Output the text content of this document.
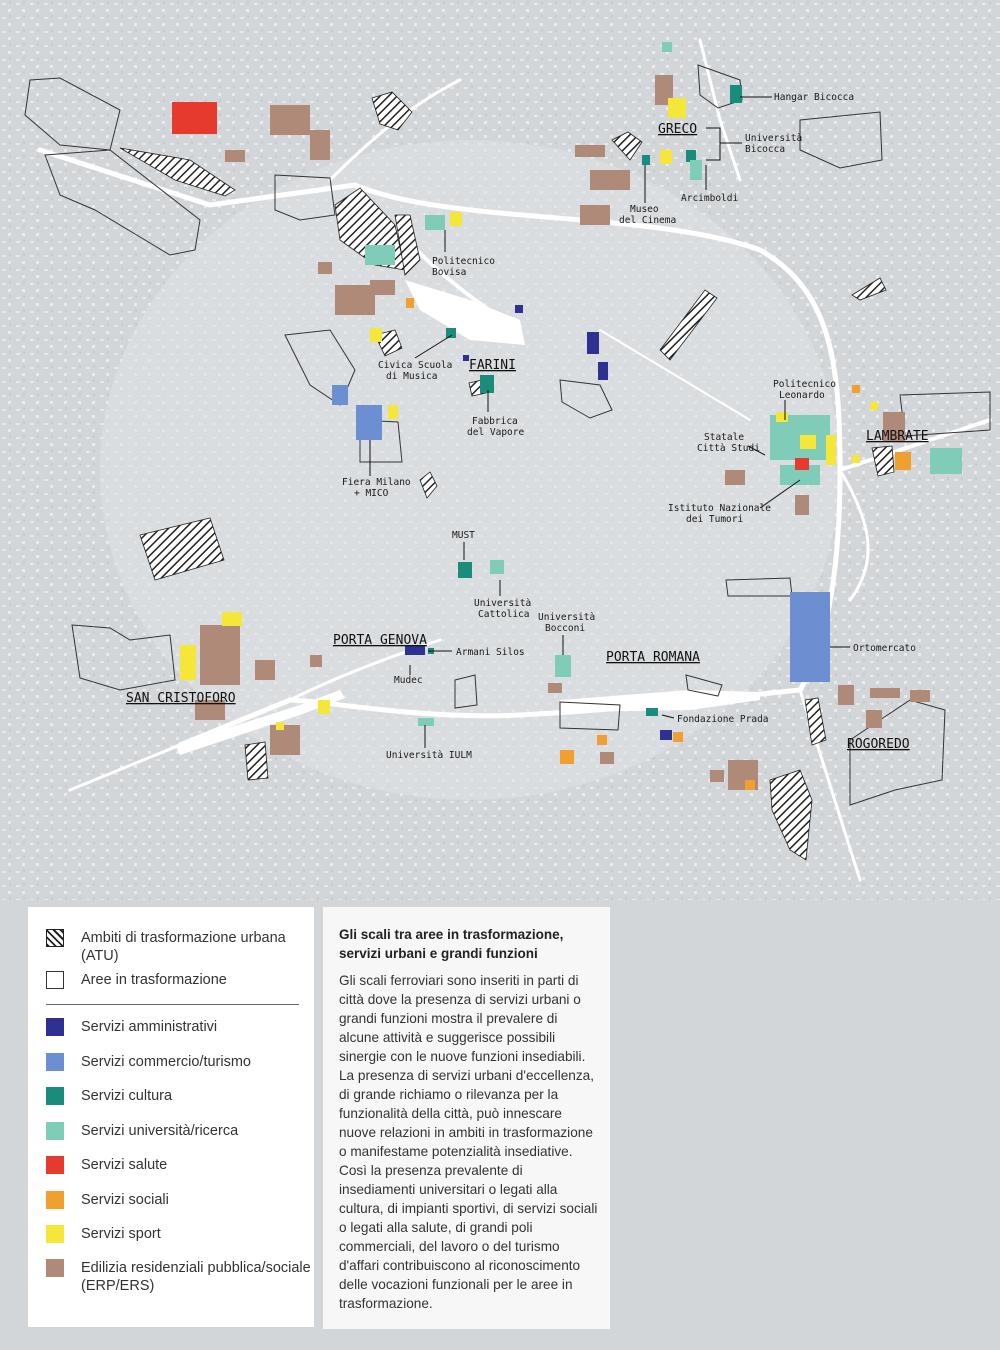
GRECO
FARINI
LAMBRATE
PORTA GENOVA
PORTA ROMANA
SAN CRISTOFORO
ROGOREDO
Hangar Bicocca
Università
Bicocca
Arcimboldi
Museo
del Cinema
Politecnico
Bovisa
Civica Scuola
di Musica
Fabbrica
del Vapore
Fiera Milano
+ MICO
Politecnico
Leonardo
Statale
Città Studi
Istituto Nazionale
dei Tumori
MUST
Università
Cattolica Università
Bocconi
Armani Silos
Mudec
Ortomercato
Fondazione Prada
Università IULM
Ambiti di trasformazione urbana (ATU)
Aree in trasformazione
Servizi amministrativi
Servizi commercio/turismo
Servizi cultura
Servizi università/ricerca
Servizi salute
Servizi sociali
Servizi sport
Edilizia residenziali pubblica/sociale (ERP/ERS)
Gli scali tra aree in trasformazione, servizi urbani e grandi funzioni
Gli scali ferroviari sono inseriti in parti di città dove la presenza di servizi urbani o grandi funzioni mostra il prevalere di alcune attività e suggerisce possibili sinergie con le nuove funzioni insediabili. La presenza di servizi urbani d'eccellenza, di grande richiamo o rilevanza per la funzionalità della città, può innescare nuove relazioni in ambiti in trasformazione o manifestame potenzialità insediative. Così la presenza prevalente di insediamenti universitari o legati alla cultura, di impianti sportivi, di servizi sociali o legati alla salute, di grandi poli commerciali, del lavoro o del turismo d'affari contribuiscono al riconoscimento delle vocazioni funzionali per le aree in trasformazione.
